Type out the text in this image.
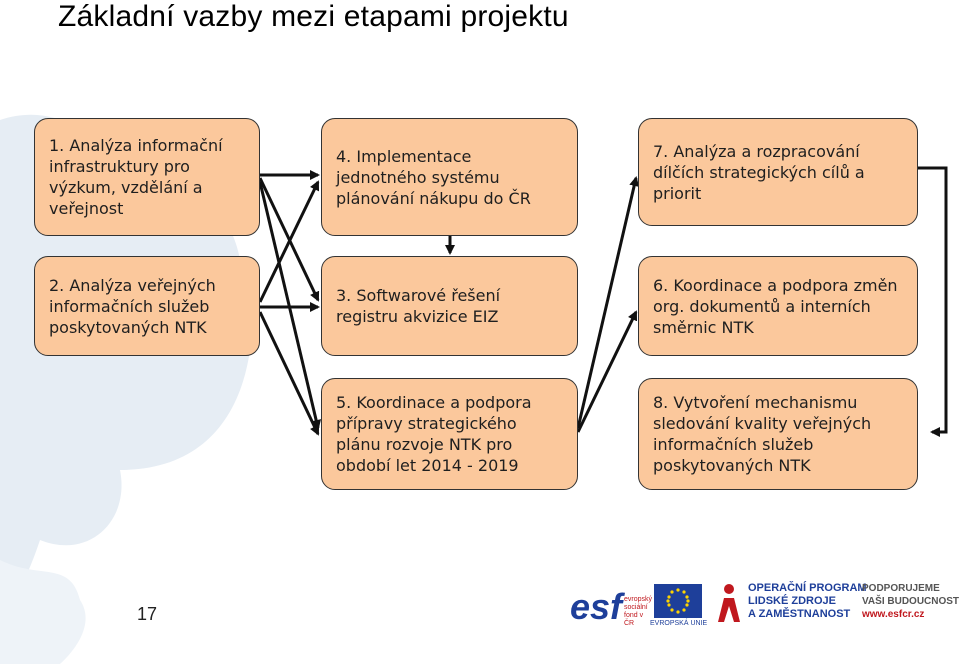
Základní vazby mezi etapami projektu
1. Analýza informační infrastruktury pro výzkum, vzdělání a veřejnost
2. Analýza veřejných informačních služeb poskytovaných NTK
4. Implementace jednotného systému plánování nákupu do ČR
3. Softwarové řešení registru akvizice EIZ
5. Koordinace a podpora přípravy strategického plánu rozvoje NTK pro období let 2014 - 2019
7. Analýza a rozpracování dílčích strategických cílů a priorit
6. Koordinace a podpora změn org. dokumentů a interních směrnic NTK
8. Vytvoření mechanismu sledování kvality veřejných informačních služeb poskytovaných NTK
17	esf evropský sociální fond v ČR	EVROPSKÁ UNIE
OPERAČNÍ PROGRAM
LIDSKÉ ZDROJE
A ZAMĚSTNANOST
PODPORUJEME
VAŠI BUDOUCNOST
www.esfcr.cz
